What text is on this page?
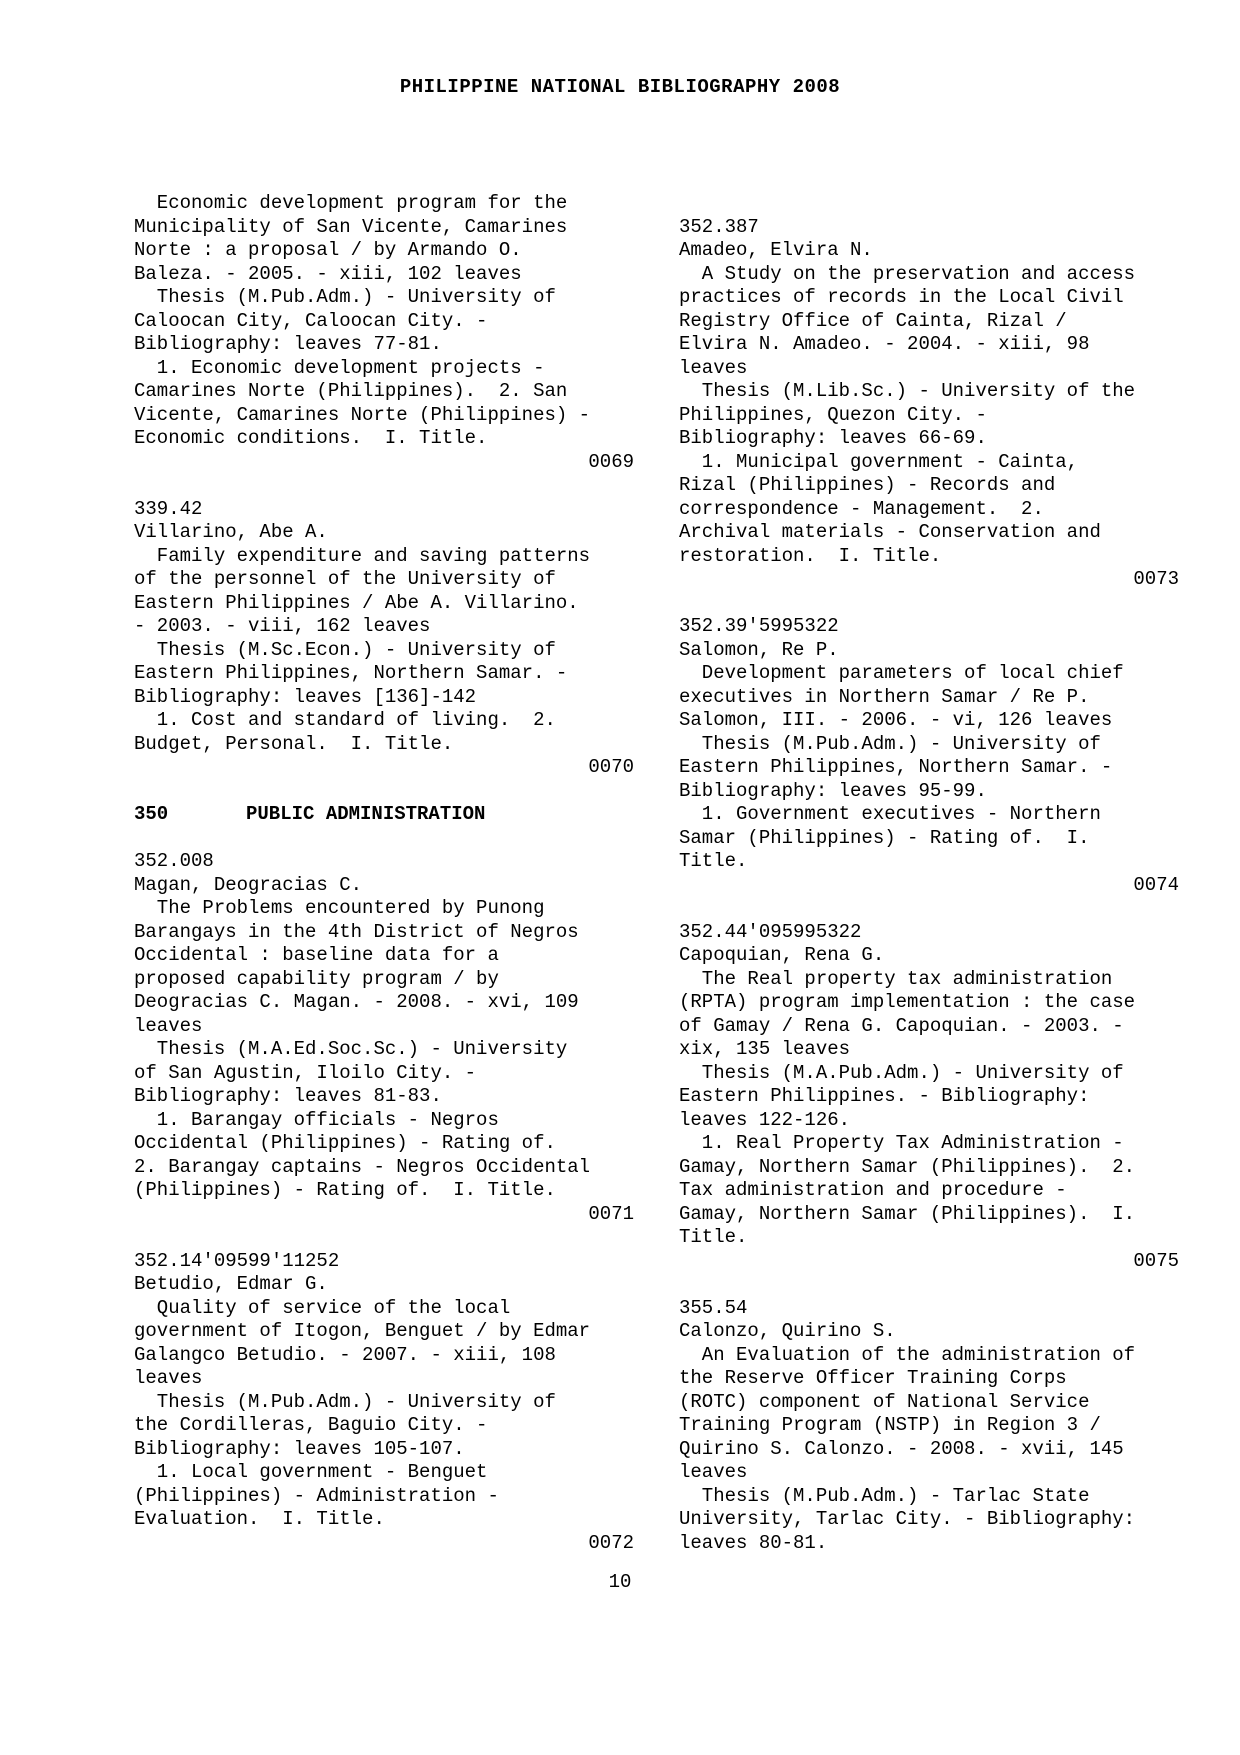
PHILIPPINE NATIONAL BIBLIOGRAPHY 2008
Economic development program for the
Municipality of San Vicente, Camarines
Norte : a proposal / by Armando O.
Baleza. - 2005. - xiii, 102 leaves
Thesis (M.Pub.Adm.) - University of
Caloocan City, Caloocan City. -
Bibliography: leaves 77-81.
1. Economic development projects -
Camarines Norte (Philippines).  2. San
Vicente, Camarines Norte (Philippines) -
Economic conditions.  I. Title.
0069
339.42
Villarino, Abe A.
Family expenditure and saving patterns
of the personnel of the University of
Eastern Philippines / Abe A. Villarino.
- 2003. - viii, 162 leaves
Thesis (M.Sc.Econ.) - University of
Eastern Philippines, Northern Samar. -
Bibliography: leaves [136]-142
1. Cost and standard of living.  2.
Budget, Personal.  I. Title.
0070
350	PUBLIC ADMINISTRATION
352.008
Magan, Deogracias C.
The Problems encountered by Punong
Barangays in the 4th District of Negros
Occidental : baseline data for a
proposed capability program / by
Deogracias C. Magan. - 2008. - xvi, 109
leaves
Thesis (M.A.Ed.Soc.Sc.) - University
of San Agustin, Iloilo City. -
Bibliography: leaves 81-83.
1. Barangay officials - Negros
Occidental (Philippines) - Rating of.
2. Barangay captains - Negros Occidental
(Philippines) - Rating of.  I. Title.
0071
352.14'09599'11252
Betudio, Edmar G.
Quality of service of the local
government of Itogon, Benguet / by Edmar
Galangco Betudio. - 2007. - xiii, 108
leaves
Thesis (M.Pub.Adm.) - University of
the Cordilleras, Baguio City. -
Bibliography: leaves 105-107.
1. Local government - Benguet
(Philippines) - Administration -
Evaluation.  I. Title.
0072
352.387
Amadeo, Elvira N.
A Study on the preservation and access
practices of records in the Local Civil
Registry Office of Cainta, Rizal /
Elvira N. Amadeo. - 2004. - xiii, 98
leaves
Thesis (M.Lib.Sc.) - University of the
Philippines, Quezon City. -
Bibliography: leaves 66-69.
1. Municipal government - Cainta,
Rizal (Philippines) - Records and
correspondence - Management.  2.
Archival materials - Conservation and
restoration.  I. Title.
0073
352.39'5995322
Salomon, Re P.
Development parameters of local chief
executives in Northern Samar / Re P.
Salomon, III. - 2006. - vi, 126 leaves
Thesis (M.Pub.Adm.) - University of
Eastern Philippines, Northern Samar. -
Bibliography: leaves 95-99.
1. Government executives - Northern
Samar (Philippines) - Rating of.  I.
Title.
0074
352.44'095995322
Capoquian, Rena G.
The Real property tax administration
(RPTA) program implementation : the case
of Gamay / Rena G. Capoquian. - 2003. -
xix, 135 leaves
Thesis (M.A.Pub.Adm.) - University of
Eastern Philippines. - Bibliography:
leaves 122-126.
1. Real Property Tax Administration -
Gamay, Northern Samar (Philippines).  2.
Tax administration and procedure -
Gamay, Northern Samar (Philippines).  I.
Title.
0075
355.54
Calonzo, Quirino S.
An Evaluation of the administration of
the Reserve Officer Training Corps
(ROTC) component of National Service
Training Program (NSTP) in Region 3 /
Quirino S. Calonzo. - 2008. - xvii, 145
leaves
Thesis (M.Pub.Adm.) - Tarlac State
University, Tarlac City. - Bibliography:
leaves 80-81.
10
